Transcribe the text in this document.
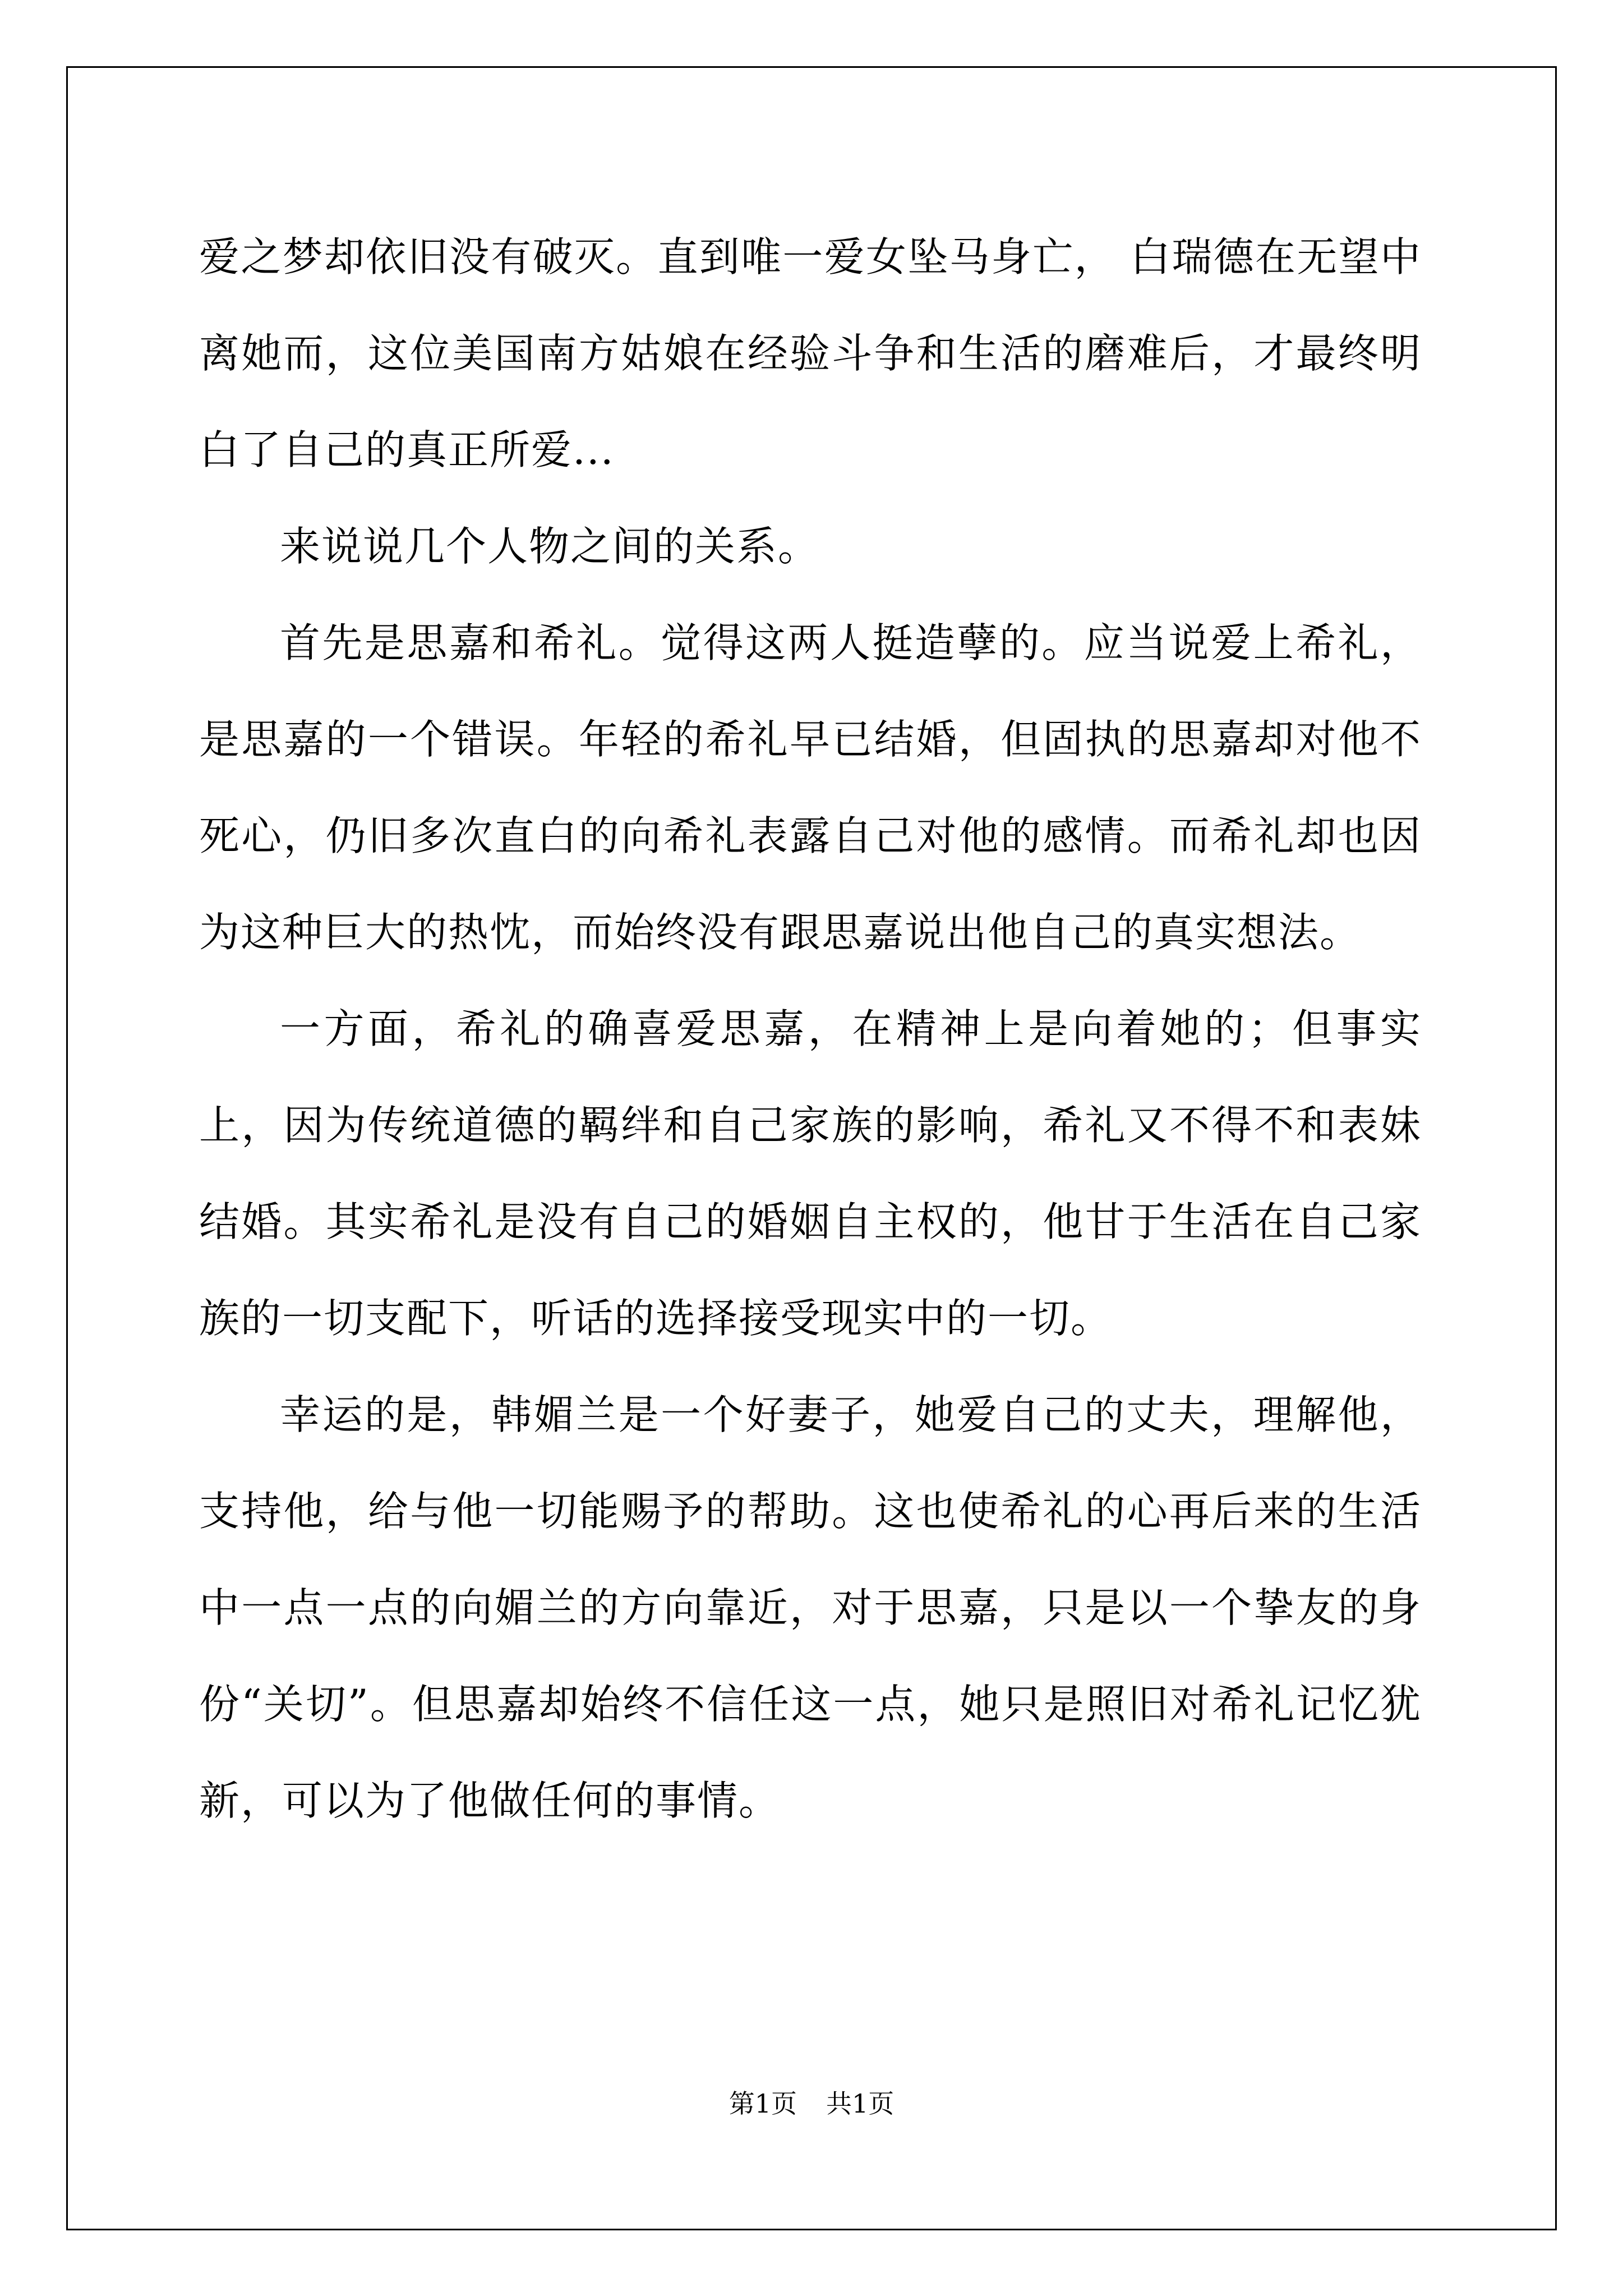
爱之梦却依旧没有破灭。直到唯一爱女坠马身亡， 白瑞德在无望中离她而，这位美国南方姑娘在经验斗争和生活的磨难后，才最终明白了自己的真正所爱...

来说说几个人物之间的关系。

首先是思嘉和希礼。觉得这两人挺造孽的。应当说爱上希礼，是思嘉的一个错误。年轻的希礼早已结婚，但固执的思嘉却对他不死心，仍旧多次直白的向希礼表露自己对他的感情。而希礼却也因为这种巨大的热忱，而始终没有跟思嘉说出他自己的真实想法。

一方面，希礼的确喜爱思嘉，在精神上是向着她的；但事实上，因为传统道德的羁绊和自己家族的影响，希礼又不得不和表妹结婚。其实希礼是没有自己的婚姻自主权的，他甘于生活在自己家族的一切支配下，听话的选择接受现实中的一切。

幸运的是，韩媚兰是一个好妻子，她爱自己的丈夫，理解他，支持他，给与他一切能赐予的帮助。这也使希礼的心再后来的生活中一点一点的向媚兰的方向靠近，对于思嘉，只是以一个挚友的身份“关切”。但思嘉却始终不信任这一点，她只是照旧对希礼记忆犹新，可以为了他做任何的事情。

第1页 共1页
